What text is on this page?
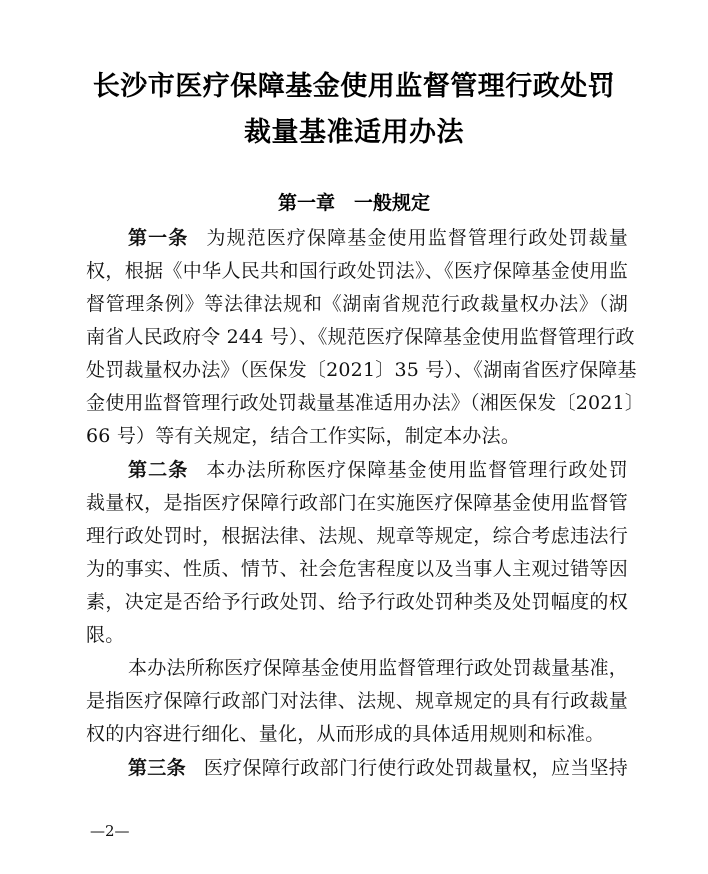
长沙市医疗保障基金使用监督管理行政处罚
裁量基准适用办法
第一章　一般规定
第一条 为规范医疗保障基金使用监督管理行政处罚裁量
权，根据《中华人民共和国行政处罚法》、《医疗保障基金使用监
督管理条例》等法律法规和《湖南省规范行政裁量权办法》（湖
南省人民政府令 244 号）、《规范医疗保障基金使用监督管理行政
处罚裁量权办法》（医保发〔2021〕35 号）、《湖南省医疗保障基
金使用监督管理行政处罚裁量基准适用办法》（湘医保发〔2021〕
66 号）等有关规定，结合工作实际，制定本办法。
第二条 本办法所称医疗保障基金使用监督管理行政处罚
裁量权，是指医疗保障行政部门在实施医疗保障基金使用监督管
理行政处罚时，根据法律、法规、规章等规定，综合考虑违法行
为的事实、性质、情节、社会危害程度以及当事人主观过错等因
素，决定是否给予行政处罚、给予行政处罚种类及处罚幅度的权
限。
本办法所称医疗保障基金使用监督管理行政处罚裁量基准，
是指医疗保障行政部门对法律、法规、规章规定的具有行政裁量
权的内容进行细化、量化，从而形成的具体适用规则和标准。
第三条 医疗保障行政部门行使行政处罚裁量权，应当坚持
—2—
